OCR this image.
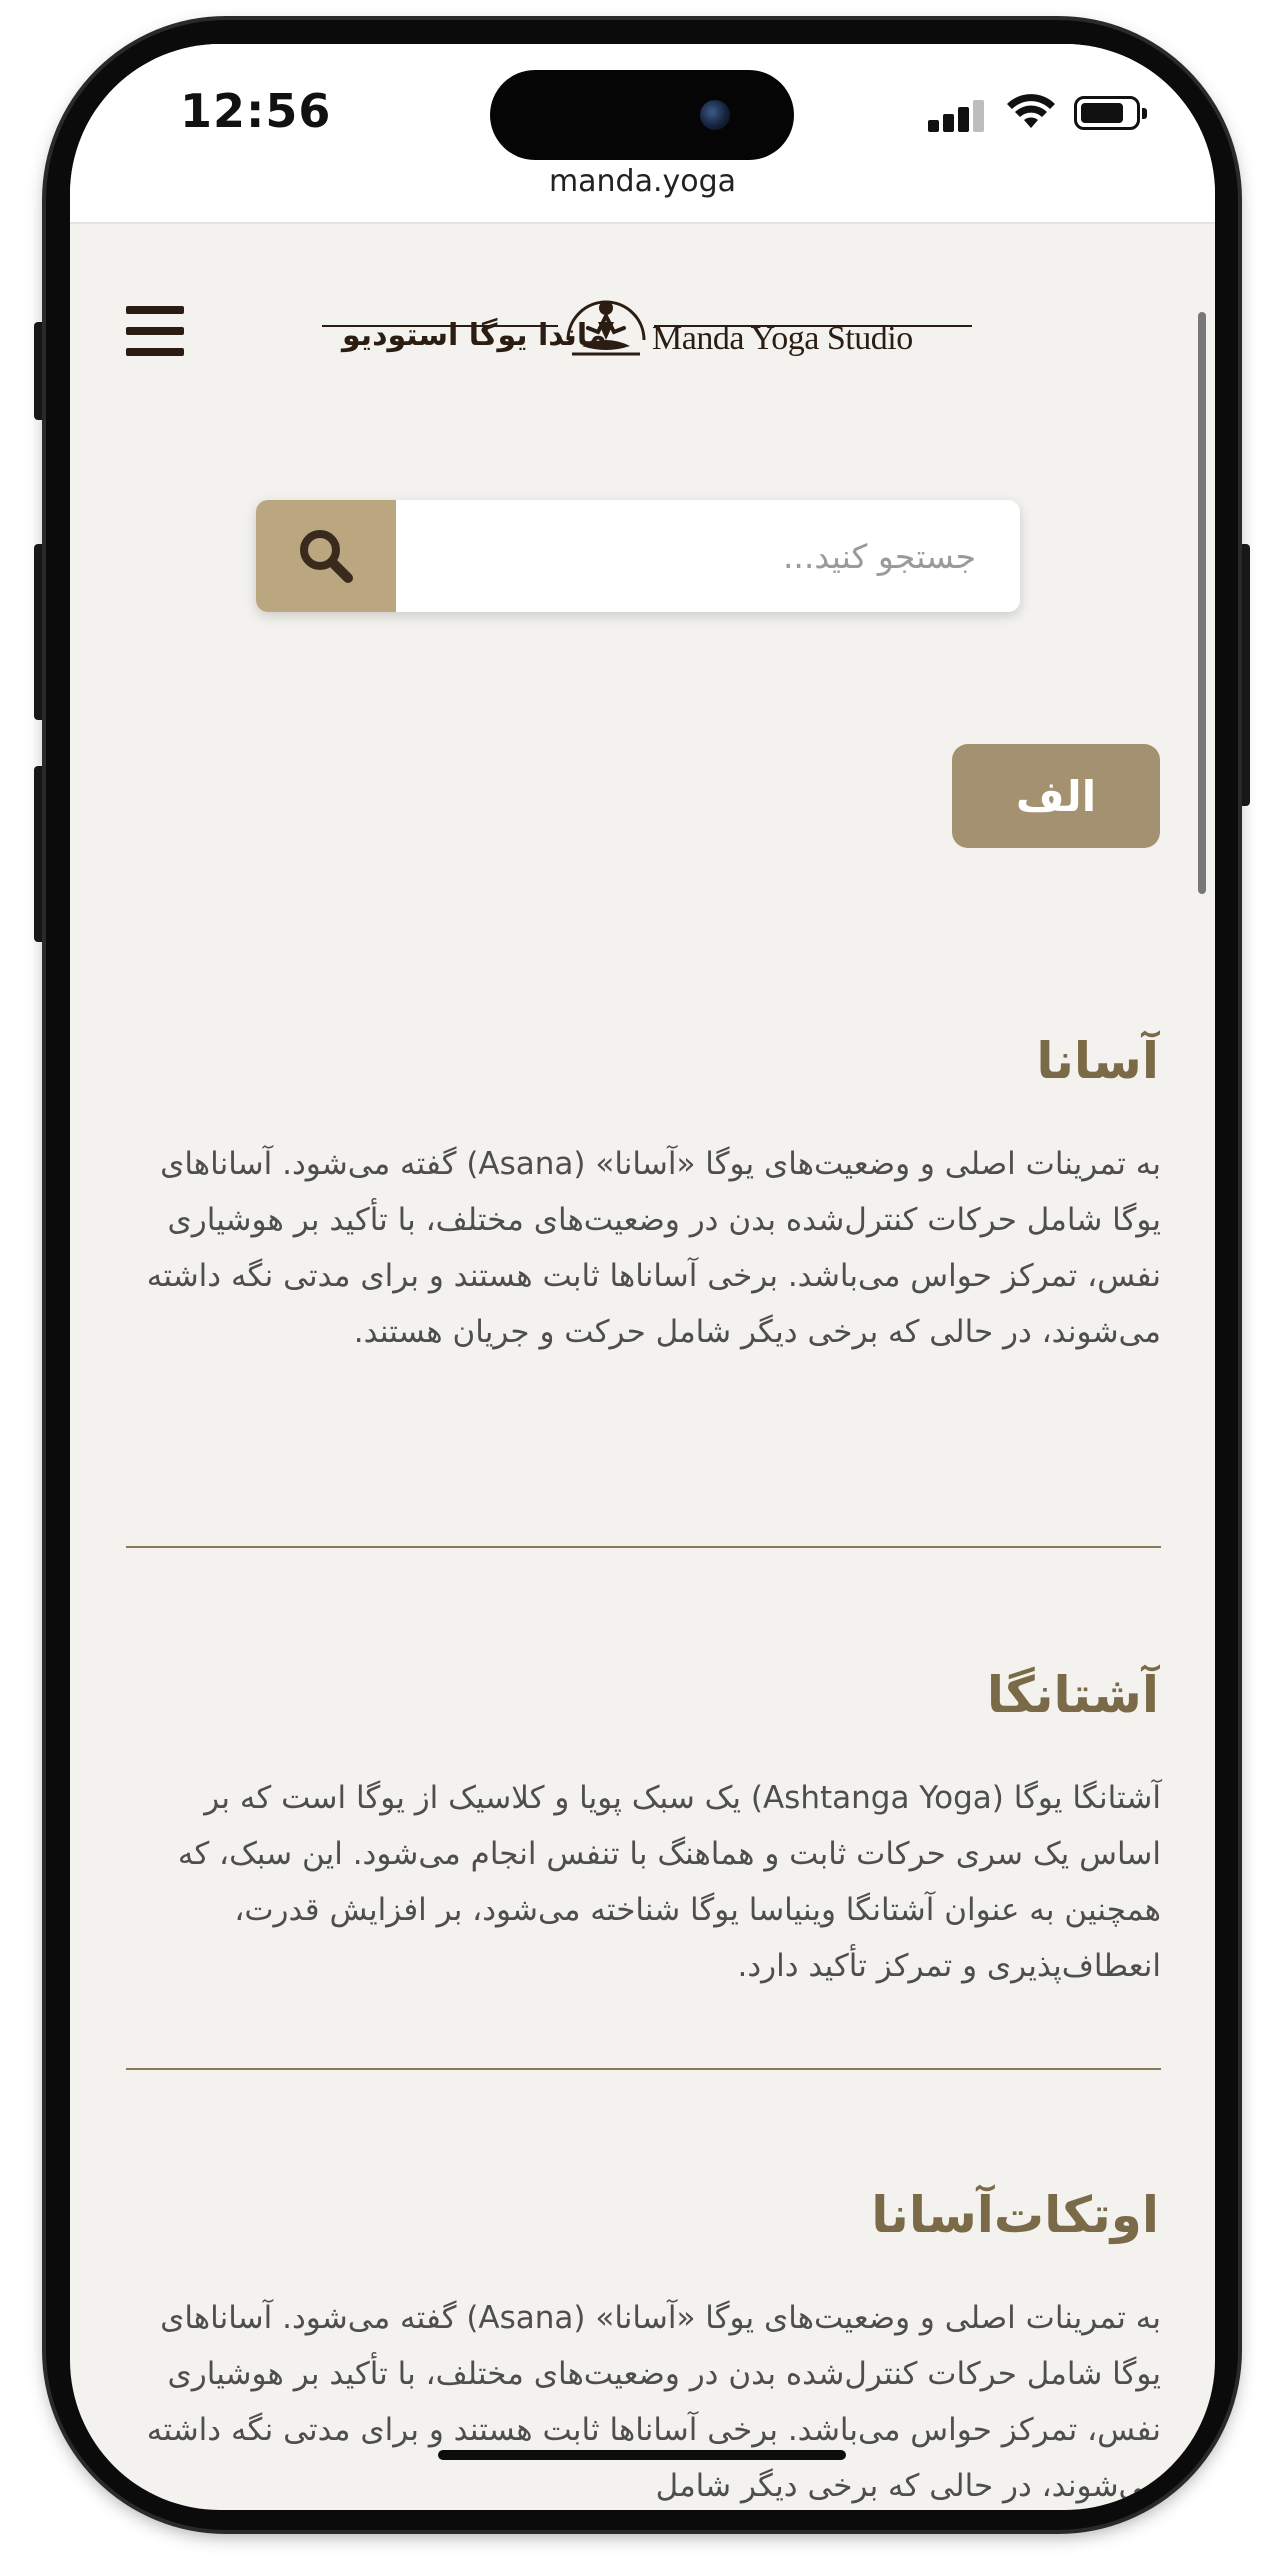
12:56
manda.yoga
ماندا یوگا استودیو Manda Yoga Studio
جستجو کنید...
الف
آسانا

به تمرینات اصلی و وضعیت‌های یوگا «آسانا» (Asana) گفته می‌شود. آساناهای یوگا شامل حرکات کنترل‌شده بدن در وضعیت‌های مختلف، با تأکید بر هوشیاری نفس، تمرکز حواس می‌باشد. برخی آساناها ثابت هستند و برای مدتی نگه داشته می‌شوند، در حالی که برخی دیگر شامل حرکت و جریان هستند.

آشتانگا

آشتانگا یوگا (Ashtanga Yoga) یک سبک پویا و کلاسیک از یوگا است که بر اساس یک سری حرکات ثابت و هماهنگ با تنفس انجام می‌شود. این سبک، که همچنین به عنوان آشتانگا وینیاسا یوگا شناخته می‌شود، بر افزایش قدرت، انعطاف‌پذیری و تمرکز تأکید دارد.

اوتکات‌آسانا

به تمرینات اصلی و وضعیت‌های یوگا «آسانا» (Asana) گفته می‌شود. آساناهای یوگا شامل حرکات کنترل‌شده بدن در وضعیت‌های مختلف، با تأکید بر هوشیاری نفس، تمرکز حواس می‌باشد. برخی آساناها ثابت هستند و برای مدتی نگه داشته می‌شوند، در حالی که برخی دیگر شامل
